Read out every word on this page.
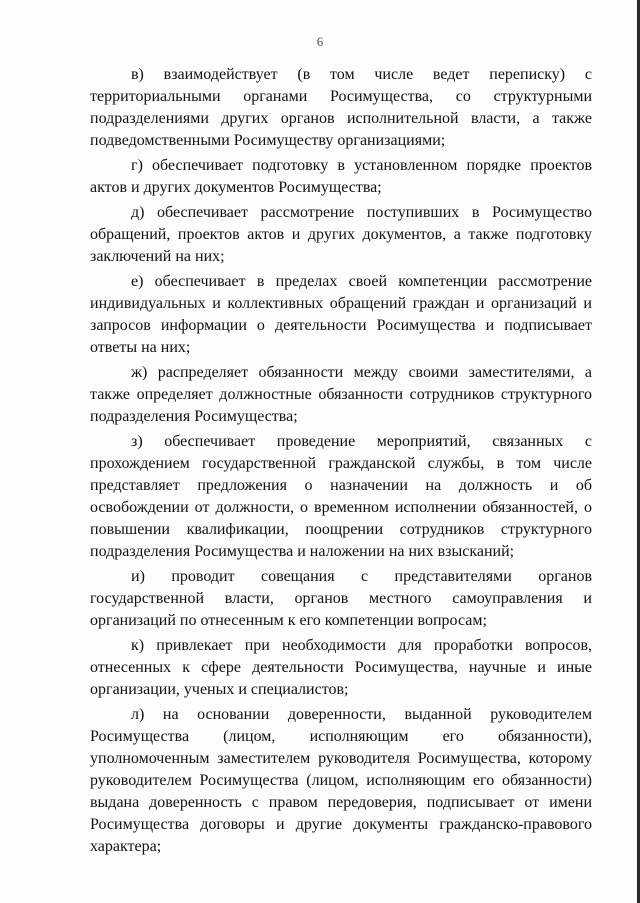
6

в) взаимодействует (в том числе ведет переписку) с территориальными органами Росимущества, со структурными подразделениями других органов исполнительной власти, а также подведомственными Росимуществу организациями;

г) обеспечивает подготовку в установленном порядке проектов актов и других документов Росимущества;

д) обеспечивает рассмотрение поступивших в Росимущество обращений, проектов актов и других документов, а также подготовку заключений на них;

е) обеспечивает в пределах своей компетенции рассмотрение индивидуальных и коллективных обращений граждан и организаций и запросов информации о деятельности Росимущества и подписывает ответы на них;

ж) распределяет обязанности между своими заместителями, а также определяет должностные обязанности сотрудников структурного подразделения Росимущества;

з) обеспечивает проведение мероприятий, связанных с прохождением государственной гражданской службы, в том числе представляет предложения о назначении на должность и об освобождении от должности, о временном исполнении обязанностей, о повышении квалификации, поощрении сотрудников структурного подразделения Росимущества и наложении на них взысканий;

и) проводит совещания с представителями органов государственной власти, органов местного самоуправления и организаций по отнесенным к его компетенции вопросам;

к) привлекает при необходимости для проработки вопросов, отнесенных к сфере деятельности Росимущества, научные и иные организации, ученых и специалистов;

л) на основании доверенности, выданной руководителем Росимущества (лицом, исполняющим его обязанности), уполномоченным заместителем руководителя Росимущества, которому руководителем Росимущества (лицом, исполняющим его обязанности) выдана доверенность с правом передоверия, подписывает от имени Росимущества договоры и другие документы гражданско-правового характера;
